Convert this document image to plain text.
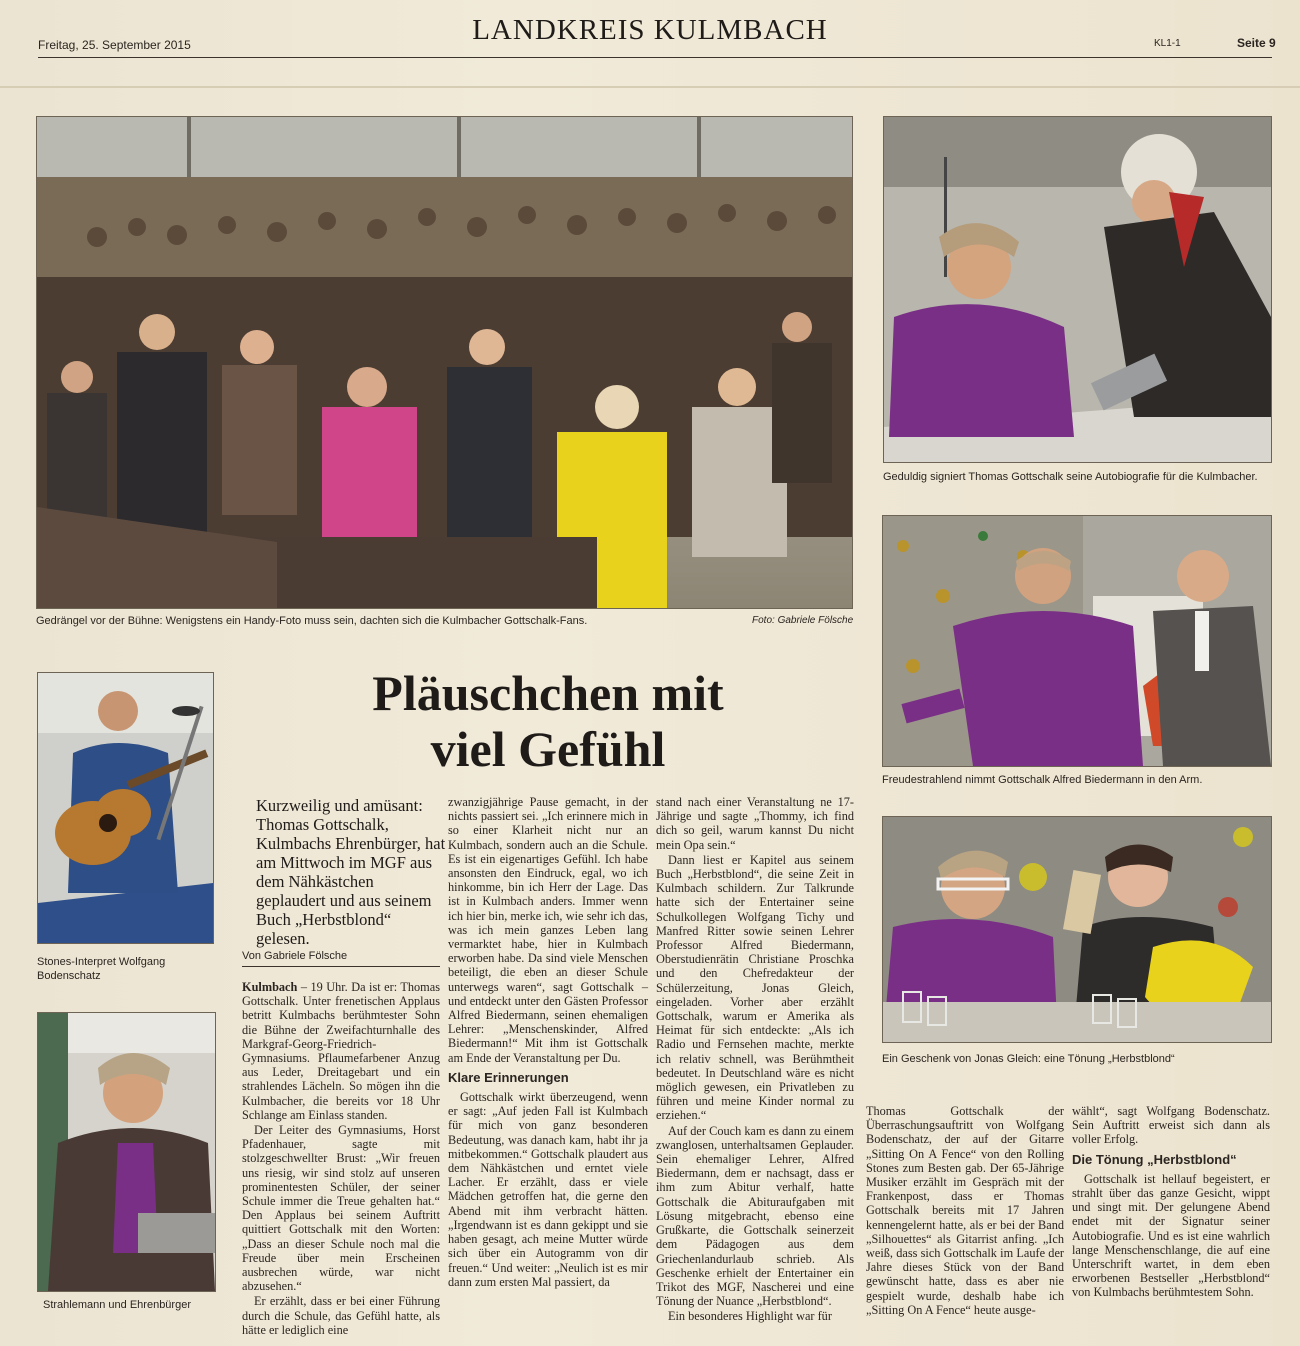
Freitag, 25. September 2015	LANDKREIS KULMBACH	KL1-1	Seite 9
Gedrängel vor der Bühne: Wenigstens ein Handy-Foto muss sein, dachten sich die Kulmbacher Gottschalk-Fans.	Foto: Gabriele Fölsche
Geduldig signiert Thomas Gottschalk seine Autobiografie für die Kulmbacher.
Freudestrahlend nimmt Gottschalk Alfred Biedermann in den Arm.
Ein Geschenk von Jonas Gleich: eine Tönung „Herbstblond“
Stones-Interpret Wolfgang Bodenschatz
Strahlemann und Ehrenbürger
Pläuschchen mit
viel Gefühl
Kurzweilig und amüsant: Thomas Gottschalk, Kulmbachs Ehrenbürger, hat am Mittwoch im MGF aus dem Nähkästchen geplaudert und aus seinem Buch „Herbstblond“ gelesen.
Von Gabriele Fölsche

Kulmbach – 19 Uhr. Da ist er: Thomas Gottschalk. Unter frenetischen Applaus betritt Kulmbachs berühmtester Sohn die Bühne der Zweifachturnhalle des Markgraf-Georg-Friedrich-Gymnasiums. Pflaumefarbener Anzug aus Leder, Dreitagebart und ein strahlendes Lächeln. So mögen ihn die Kulmbacher, die bereits vor 18 Uhr Schlange am Einlass standen.

Der Leiter des Gymnasiums, Horst Pfadenhauer, sagte mit stolzgeschwellter Brust: „Wir freuen uns riesig, wir sind stolz auf unseren prominentesten Schüler, der seiner Schule immer die Treue gehalten hat.“ Den Applaus bei seinem Auftritt quittiert Gottschalk mit den Worten: „Dass an dieser Schule noch mal die Freude über mein Erscheinen ausbrechen würde, war nicht abzusehen.“

Er erzählt, dass er bei einer Führung durch die Schule, das Gefühl hatte, als hätte er lediglich eine

zwanzigjährige Pause gemacht, in der nichts passiert sei. „Ich erinnere mich in so einer Klarheit nicht nur an Kulmbach, sondern auch an die Schule. Es ist ein eigenartiges Gefühl. Ich habe ansonsten den Eindruck, egal, wo ich hinkomme, bin ich Herr der Lage. Das ist in Kulmbach anders. Immer wenn ich hier bin, merke ich, wie sehr ich das, was ich mein ganzes Leben lang vermarktet habe, hier in Kulmbach erworben habe. Da sind viele Menschen beteiligt, die eben an dieser Schule unterwegs waren“, sagt Gottschalk – und entdeckt unter den Gästen Professor Alfred Biedermann, seinen ehemaligen Lehrer: „Menschenskinder, Alfred Biedermann!“ Mit ihm ist Gottschalk am Ende der Veranstaltung per Du.

Klare Erinnerungen

Gottschalk wirkt überzeugend, wenn er sagt: „Auf jeden Fall ist Kulmbach für mich von ganz besonderen Bedeutung, was danach kam, habt ihr ja mitbekommen.“ Gottschalk plaudert aus dem Nähkästchen und erntet viele Lacher. Er erzählt, dass er viele Mädchen getroffen hat, die gerne den Abend mit ihm verbracht hätten. „Irgendwann ist es dann gekippt und sie haben gesagt, ach meine Mutter würde sich über ein Autogramm von dir freuen.“ Und weiter: „Neulich ist es mir dann zum ersten Mal passiert, da

stand nach einer Veranstaltung ne 17-Jährige und sagte „Thommy, ich find dich so geil, warum kannst Du nicht mein Opa sein.“

Dann liest er Kapitel aus seinem Buch „Herbstblond“, die seine Zeit in Kulmbach schildern. Zur Talkrunde hatte sich der Entertainer seine Schulkollegen Wolfgang Tichy und Manfred Ritter sowie seinen Lehrer Professor Alfred Biedermann, Oberstudienrätin Christiane Proschka und den Chefredakteur der Schülerzeitung, Jonas Gleich, eingeladen. Vorher aber erzählt Gottschalk, warum er Amerika als Heimat für sich entdeckte: „Als ich Radio und Fernsehen machte, merkte ich relativ schnell, was Berühmtheit bedeutet. In Deutschland wäre es nicht möglich gewesen, ein Privatleben zu führen und meine Kinder normal zu erziehen.“

Auf der Couch kam es dann zu einem zwanglosen, unterhaltsamen Geplauder. Sein ehemaliger Lehrer, Alfred Biedermann, dem er nachsagt, dass er ihm zum Abitur verhalf, hatte Gottschalk die Abituraufgaben mit Lösung mitgebracht, ebenso eine Grußkarte, die Gottschalk seinerzeit dem Pädagogen aus dem Griechenlandurlaub schrieb. Als Geschenke erhielt der Entertainer ein Trikot des MGF, Nascherei und eine Tönung der Nuance „Herbstblond“.

Ein besonderes Highlight war für

Thomas Gottschalk der Überraschungsauftritt von Wolfgang Bodenschatz, der auf der Gitarre „Sitting On A Fence“ von den Rolling Stones zum Besten gab. Der 65-Jährige Musiker erzählt im Gespräch mit der Frankenpost, dass er Thomas Gottschalk bereits mit 17 Jahren kennengelernt hatte, als er bei der Band „Silhouettes“ als Gitarrist anfing. „Ich weiß, dass sich Gottschalk im Laufe der Jahre dieses Stück von der Band gewünscht hatte, dass es aber nie gespielt wurde, deshalb habe ich „Sitting On A Fence“ heute ausge-

wählt“, sagt Wolfgang Bodenschatz. Sein Auftritt erweist sich dann als voller Erfolg.

Die Tönung „Herbstblond“

Gottschalk ist hellauf begeistert, er strahlt über das ganze Gesicht, wippt und singt mit. Der gelungene Abend endet mit der Signatur seiner Autobiografie. Und es ist eine wahrlich lange Menschenschlange, die auf eine Unterschrift wartet, in dem eben erworbenen Bestseller „Herbstblond“ von Kulmbachs berühmtestem Sohn.
